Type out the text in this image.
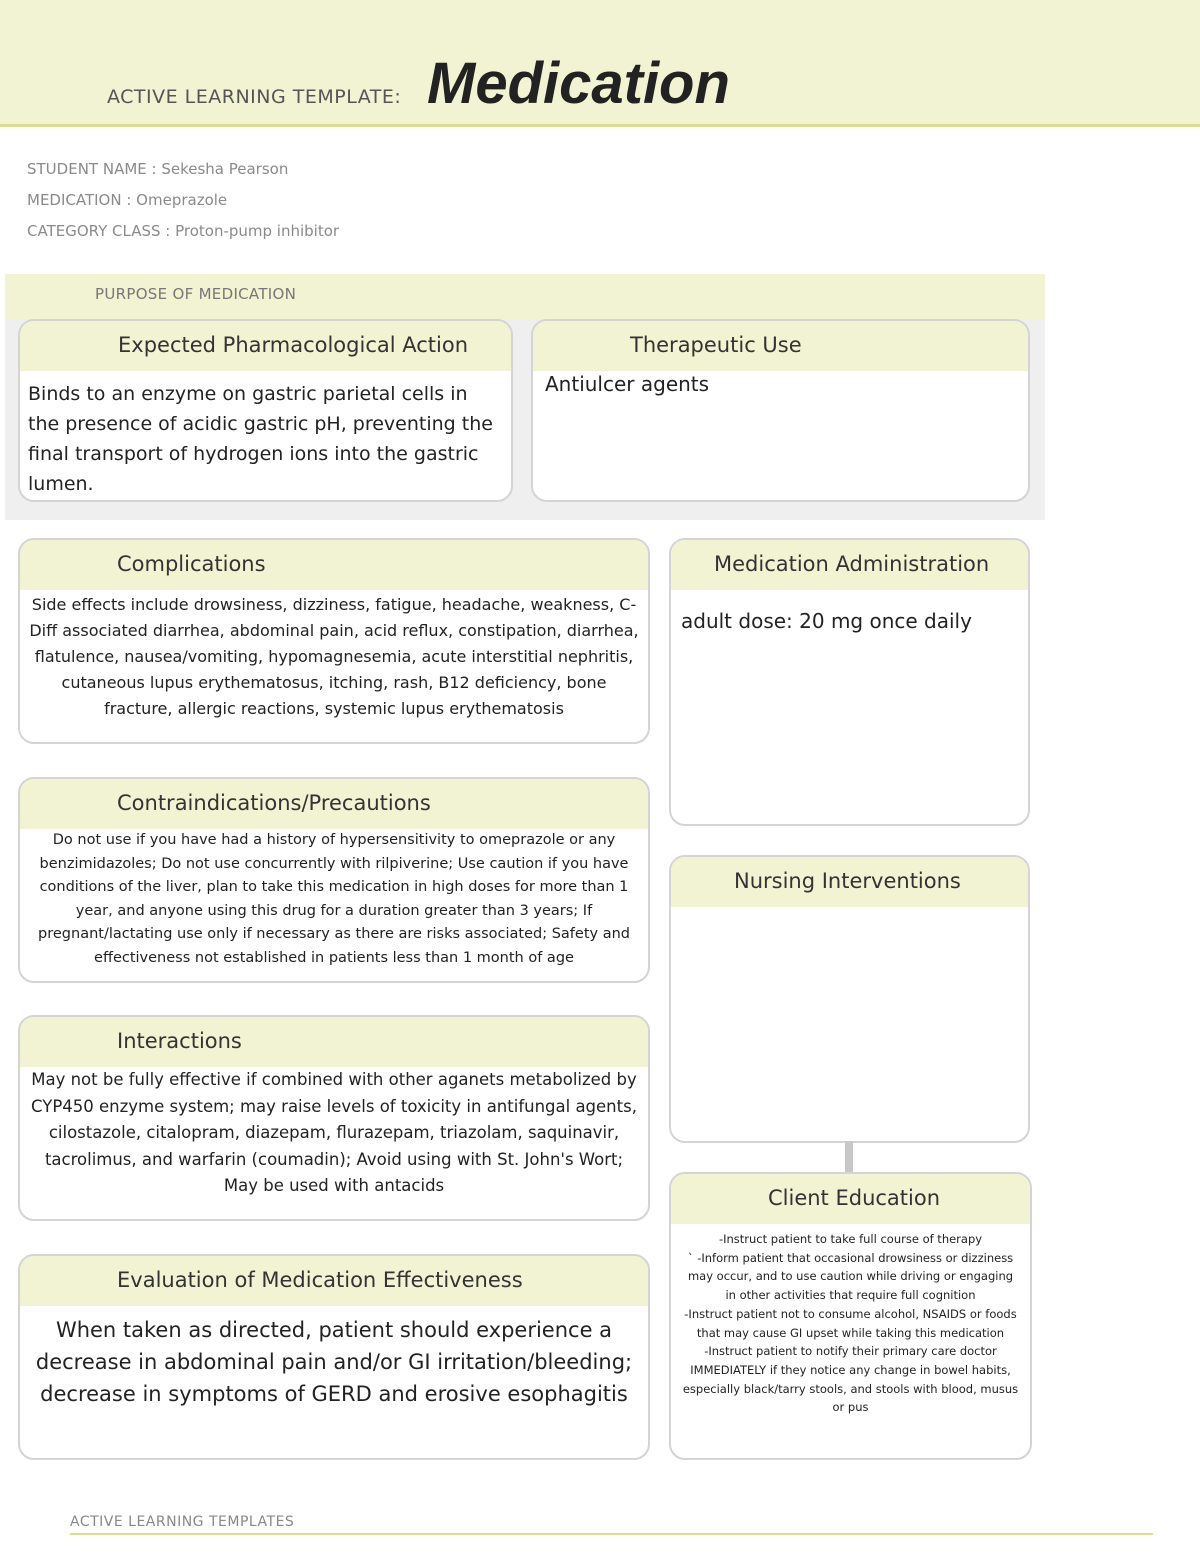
ACTIVE LEARNING TEMPLATE: Medication
STUDENT NAME : Sekesha Pearson
MEDICATION : Omeprazole
CATEGORY CLASS : Proton-pump inhibitor
PURPOSE OF MEDICATION
Expected Pharmacological Action
Binds to an enzyme on gastric parietal cells in the presence of acidic gastric pH, preventing the final transport of hydrogen ions into the gastric lumen.
Therapeutic Use
Antiulcer agents
Complications
Side effects include drowsiness, dizziness, fatigue, headache, weakness, C-Diff associated diarrhea, abdominal pain, acid reflux, constipation, diarrhea, flatulence, nausea/vomiting, hypomagnesemia, acute interstitial nephritis, cutaneous lupus erythematosus, itching, rash, B12 deficiency, bone fracture, allergic reactions, systemic lupus erythematosis
Contraindications/Precautions
Do not use if you have had a history of hypersensitivity to omeprazole or any benzimidazoles; Do not use concurrently with rilpiverine; Use caution if you have conditions of the liver, plan to take this medication in high doses for more than 1 year, and anyone using this drug for a duration greater than 3 years; If pregnant/lactating use only if necessary as there are risks associated; Safety and effectiveness not established in patients less than 1 month of age
Interactions
May not be fully effective if combined with other aganets metabolized by CYP450 enzyme system; may raise levels of toxicity in antifungal agents, cilostazole, citalopram, diazepam, flurazepam, triazolam, saquinavir, tacrolimus, and warfarin (coumadin); Avoid using with St. John's Wort; May be used with antacids
Evaluation of Medication Effectiveness
When taken as directed, patient should experience a decrease in abdominal pain and/or GI irritation/bleeding; decrease in symptoms of GERD and erosive esophagitis
Medication Administration
adult dose: 20 mg once daily
Nursing Interventions
Client Education
-Instruct patient to take full course of therapy
` -Inform patient that occasional drowsiness or dizziness may occur, and to use caution while driving or engaging in other activities that require full cognition
-Instruct patient not to consume alcohol, NSAIDS or foods that may cause GI upset while taking this medication
-Instruct patient to notify their primary care doctor IMMEDIATELY if they notice any change in bowel habits, especially black/tarry stools, and stools with blood, musus or pus
ACTIVE LEARNING TEMPLATES
